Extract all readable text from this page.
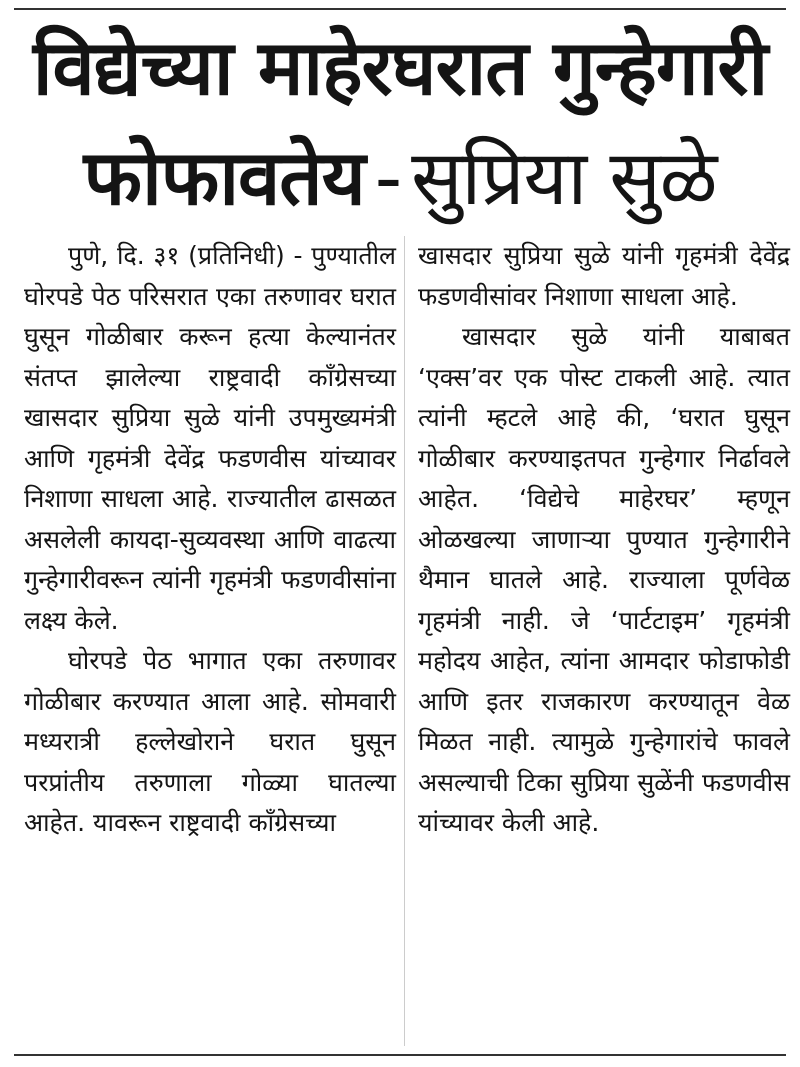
विद्येच्या माहेरघरात गुन्हेगारी
फोफावतेय - सुप्रिया सुळे

पुणे, दि. ३१ (प्रतिनिधी) - पुण्यातील घोरपडे पेठ परिसरात एका तरुणावर घरात घुसून गोळीबार करून हत्या केल्यानंतर संतप्त झालेल्या राष्ट्रवादी काँग्रेसच्या खासदार सुप्रिया सुळे यांनी उपमुख्यमंत्री आणि गृहमंत्री देवेंद्र फडणवीस यांच्यावर निशाणा साधला आहे. राज्यातील ढासळत असलेली कायदा-सुव्यवस्था आणि वाढत्या गुन्हेगारीवरून त्यांनी गृहमंत्री फडणवीसांना लक्ष्य केले.

घोरपडे पेठ भागात एका तरुणावर गोळीबार करण्यात आला आहे. सोमवारी मध्यरात्री हल्लेखोराने घरात घुसून परप्रांतीय तरुणाला गोळ्या घातल्या आहेत. यावरून राष्ट्रवादी काँग्रेसच्या

खासदार सुप्रिया सुळे यांनी गृहमंत्री देवेंद्र फडणवीसांवर निशाणा साधला आहे.

खासदार सुळे यांनी याबाबत ‘एक्स’वर एक पोस्ट टाकली आहे. त्यात त्यांनी म्हटले आहे की, ‘घरात घुसून गोळीबार करण्याइतपत गुन्हेगार निर्ढावले आहेत. ‘विद्येचे माहेरघर’ म्हणून ओळखल्या जाणाऱ्या पुण्यात गुन्हेगारीने थैमान घातले आहे. राज्याला पूर्णवेळ गृहमंत्री नाही. जे ‘पार्टटाइम’ गृहमंत्री महोदय आहेत, त्यांना आमदार फोडाफोडी आणि इतर राजकारण करण्यातून वेळ मिळत नाही. त्यामुळे गुन्हेगारांचे फावले असल्याची टिका सुप्रिया सुळेंनी फडणवीस यांच्यावर केली आहे.
